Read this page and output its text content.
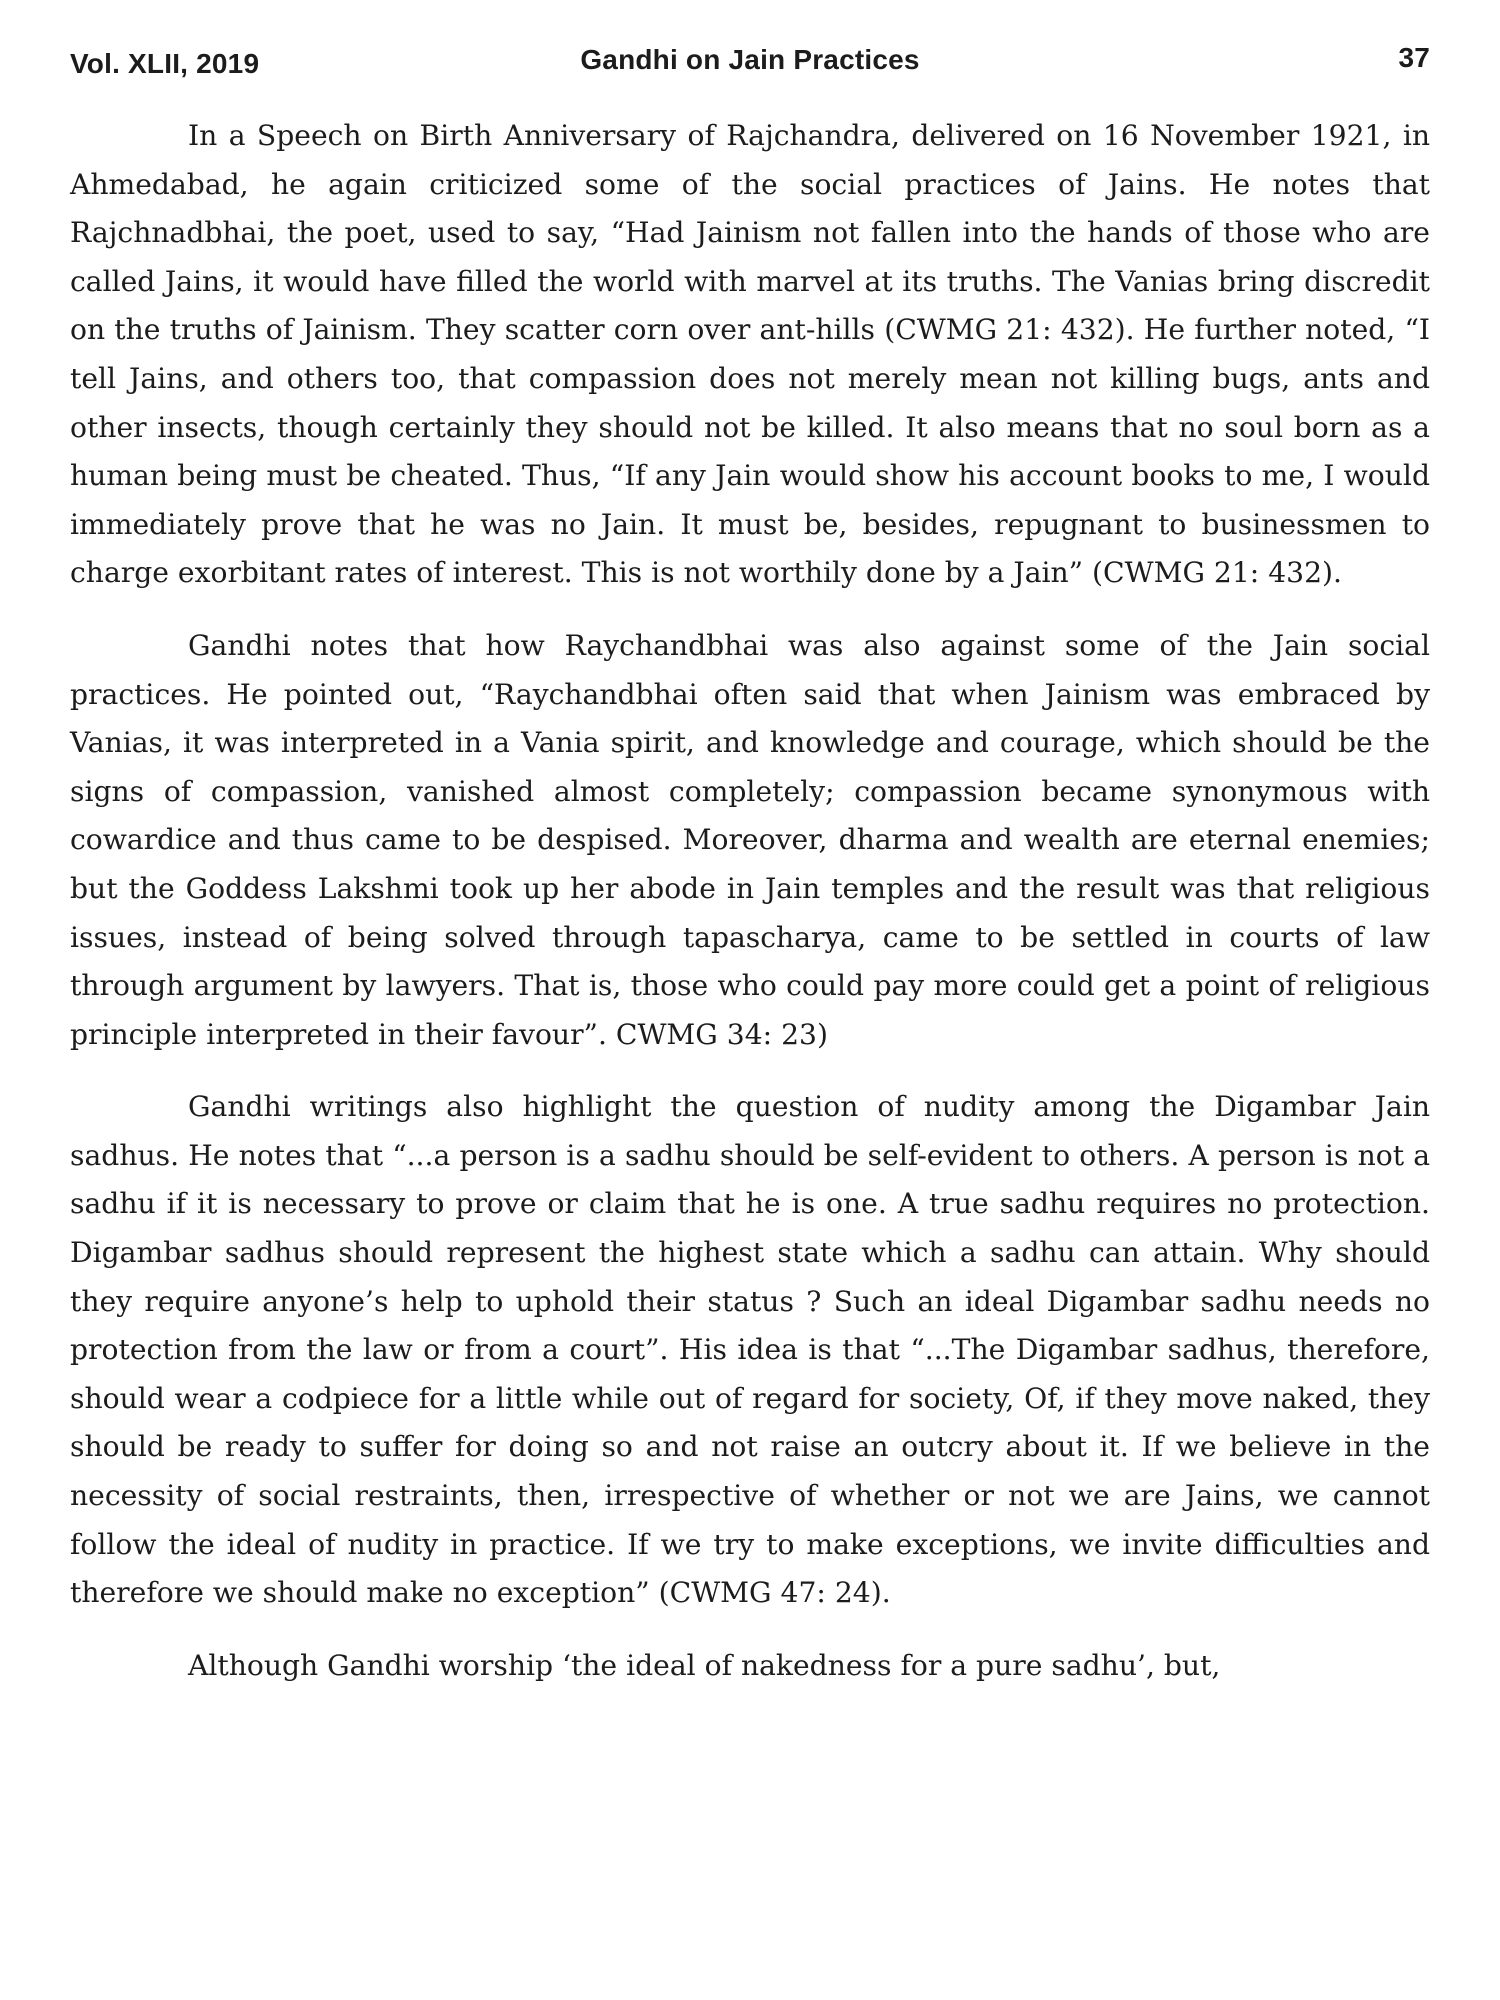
Vol. XLII, 2019	Gandhi on Jain Practices	37

In a Speech on Birth Anniversary of Rajchandra, delivered on 16 November 1921, in Ahmedabad, he again criticized some of the social practices of Jains. He notes that Rajchnadbhai, the poet, used to say, “Had Jainism not fallen into the hands of those who are called Jains, it would have filled the world with marvel at its truths. The Vanias bring discredit on the truths of Jainism. They scatter corn over ant-hills (CWMG 21: 432). He further noted, “I tell Jains, and others too, that compassion does not merely mean not killing bugs, ants and other insects, though certainly they should not be killed. It also means that no soul born as a human being must be cheated. Thus, “If any Jain would show his account books to me, I would immediately prove that he was no Jain. It must be, besides, repugnant to businessmen to charge exorbitant rates of interest. This is not worthily done by a Jain” (CWMG 21: 432).

Gandhi notes that how Raychandbhai was also against some of the Jain social practices. He pointed out, “Raychandbhai often said that when Jainism was embraced by Vanias, it was interpreted in a Vania spirit, and knowledge and courage, which should be the signs of compassion, vanished almost completely; compassion became synonymous with cowardice and thus came to be despised. Moreover, dharma and wealth are eternal enemies; but the Goddess Lakshmi took up her abode in Jain temples and the result was that religious issues, instead of being solved through tapascharya, came to be settled in courts of law through argument by lawyers. That is, those who could pay more could get a point of religious principle interpreted in their favour”. CWMG 34: 23)

Gandhi writings also highlight the question of nudity among the Digambar Jain sadhus. He notes that “...a person is a sadhu should be self-evident to others. A person is not a sadhu if it is necessary to prove or claim that he is one. A true sadhu requires no protection. Digambar sadhus should represent the highest state which a sadhu can attain. Why should they require anyone’s help to uphold their status ? Such an ideal Digambar sadhu needs no protection from the law or from a court”. His idea is that “...The Digambar sadhus, therefore, should wear a codpiece for a little while out of regard for society, Of, if they move naked, they should be ready to suffer for doing so and not raise an outcry about it. If we believe in the necessity of social restraints, then, irrespective of whether or not we are Jains, we cannot follow the ideal of nudity in practice. If we try to make exceptions, we invite difficulties and therefore we should make no exception” (CWMG 47: 24).

Although Gandhi worship ‘the ideal of nakedness for a pure sadhu’, but,
